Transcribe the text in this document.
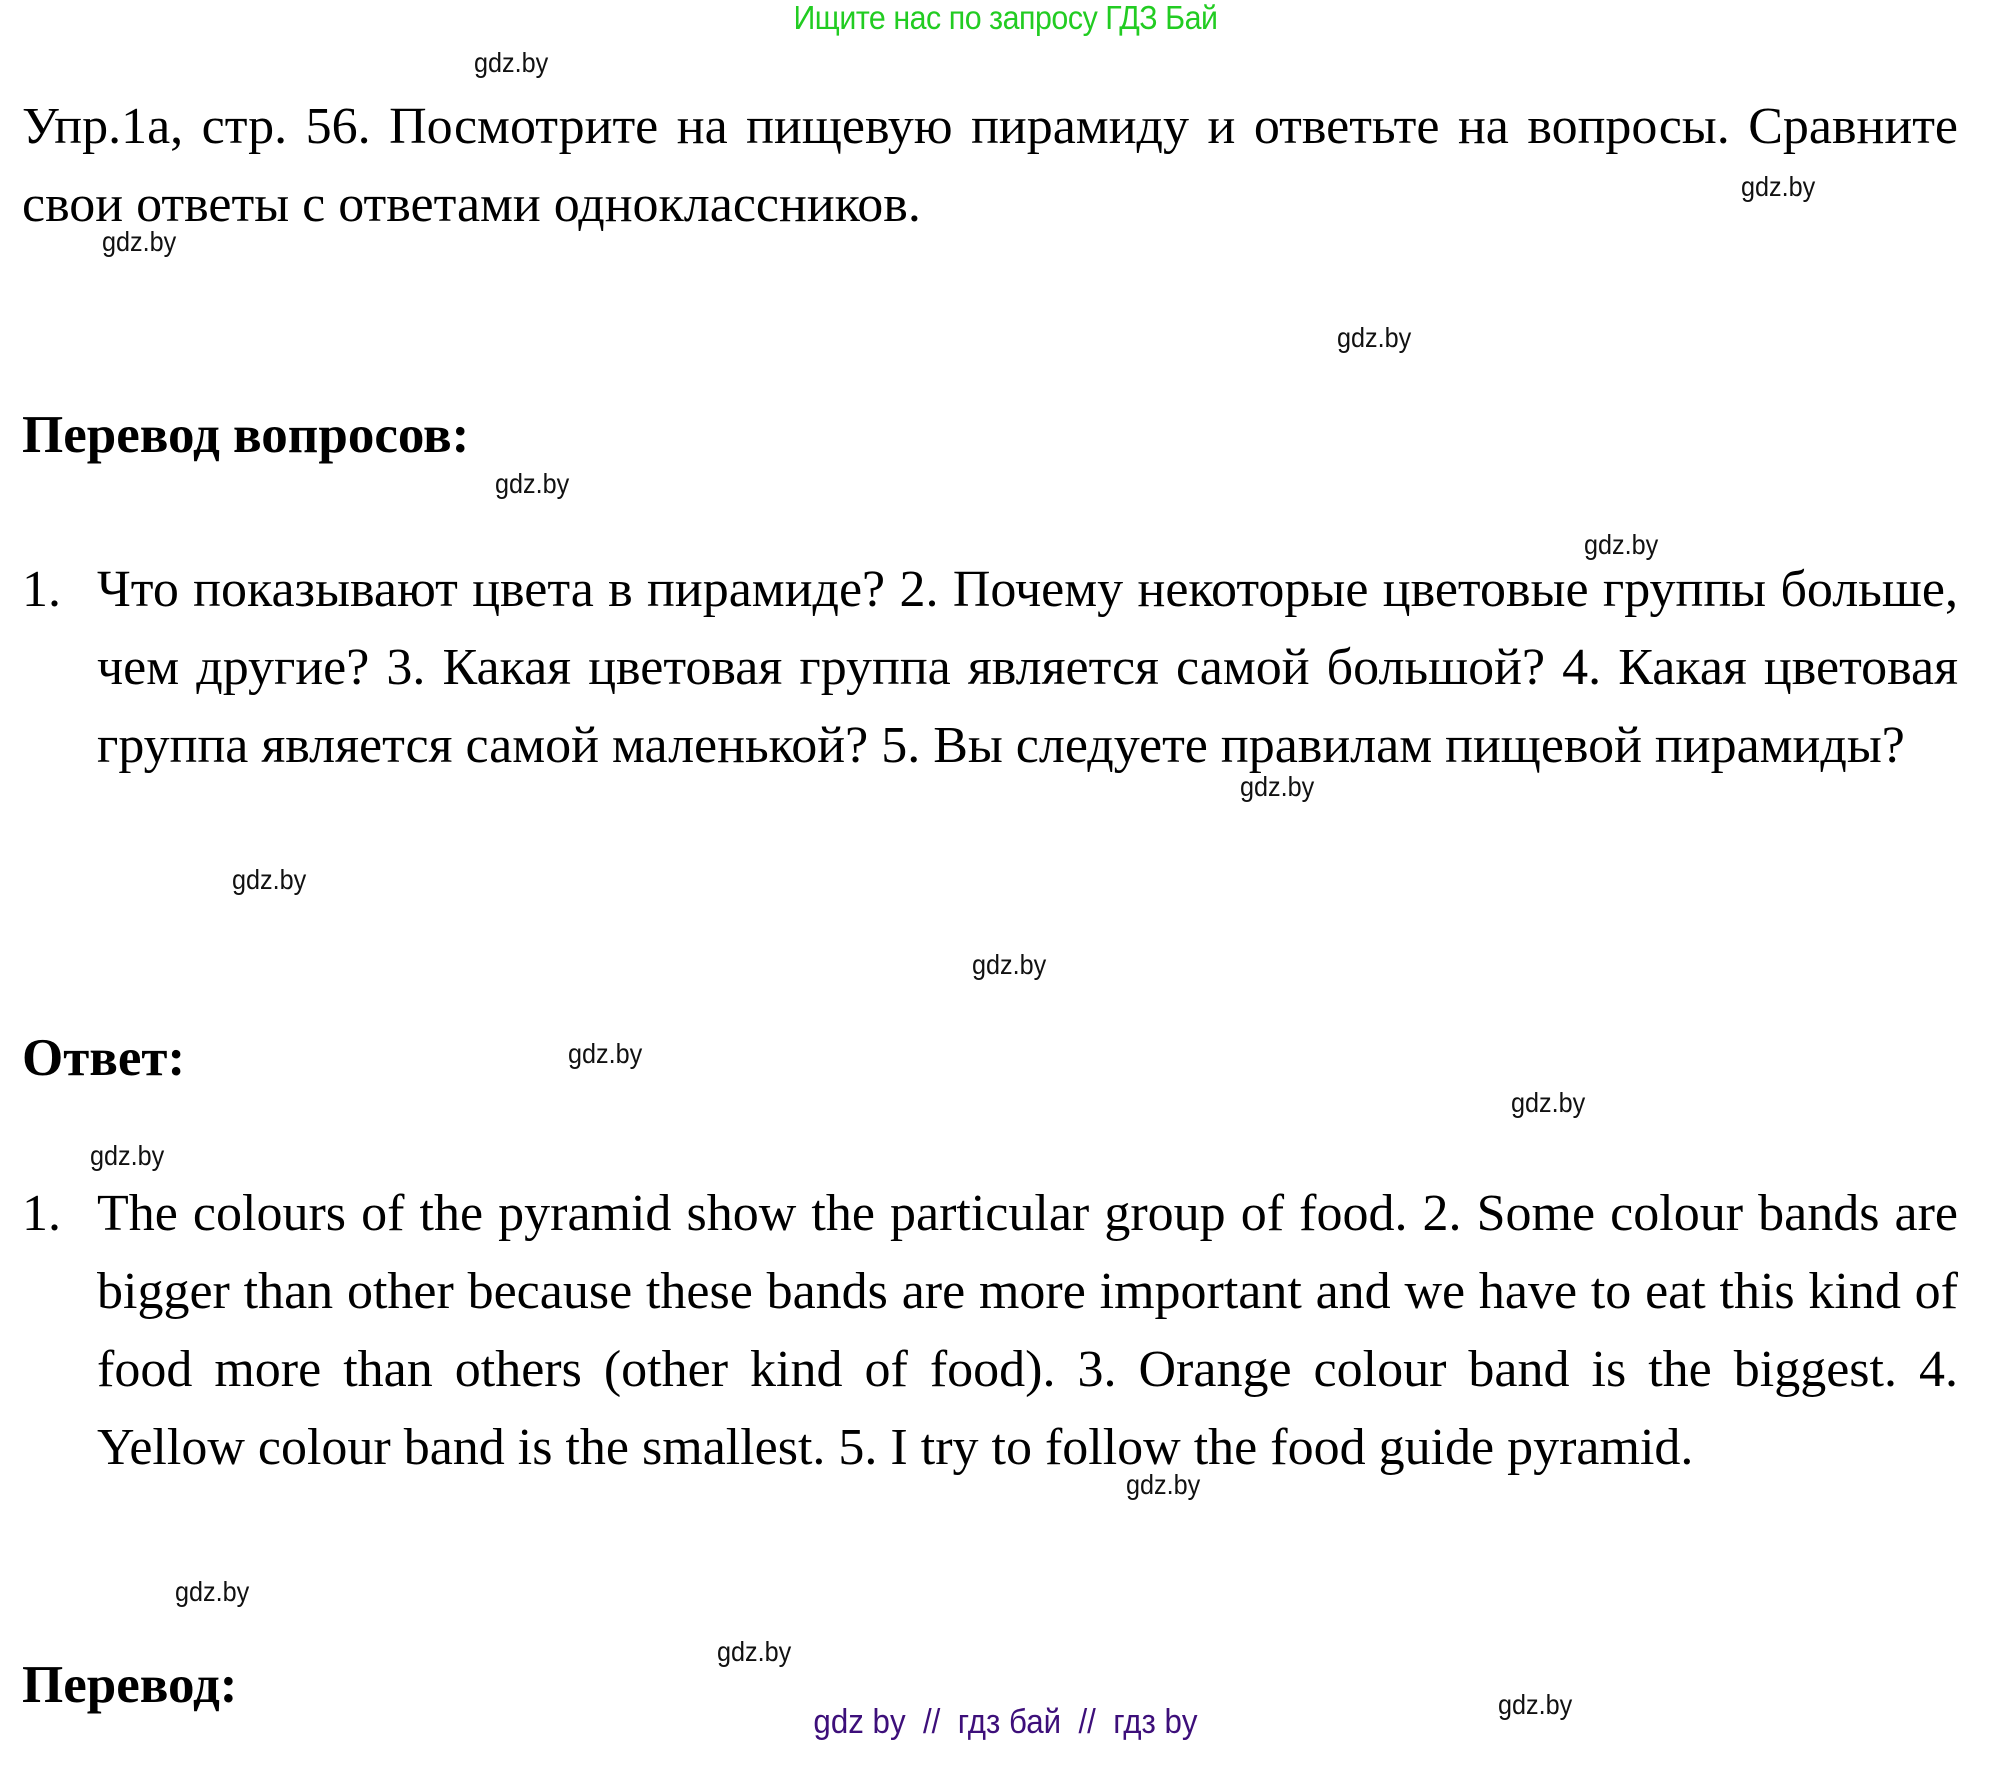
Ищите нас по запросу ГДЗ Бай
Упр.1а, стр. 56. Посмотрите на пищевую пирамиду и ответьте на вопросы. Сравните свои ответы с ответами одноклассников.
Перевод вопросов:
1. Что показывают цвета в пирамиде? 2. Почему некоторые цветовые группы больше, чем другие? 3. Какая цветовая группа является самой большой? 4. Какая цветовая группа является самой маленькой? 5. Вы следуете правилам пищевой пирамиды?
Ответ:
1. The colours of the pyramid show the particular group of food. 2. Some colour bands are bigger than other because these bands are more important and we have to eat this kind of food more than others (other kind of food). 3. Orange colour band is the biggest. 4. Yellow colour band is the smallest. 5. I try to follow the food guide pyramid.
Перевод:
gdz.by
gdz.by
gdz.by
gdz.by
gdz.by
gdz.by
gdz.by
gdz.by
gdz.by
gdz.by
gdz.by
gdz.by
gdz.by
gdz.by
gdz.by
gdz.by
gdz by  //  гдз бай  //  гдз by
